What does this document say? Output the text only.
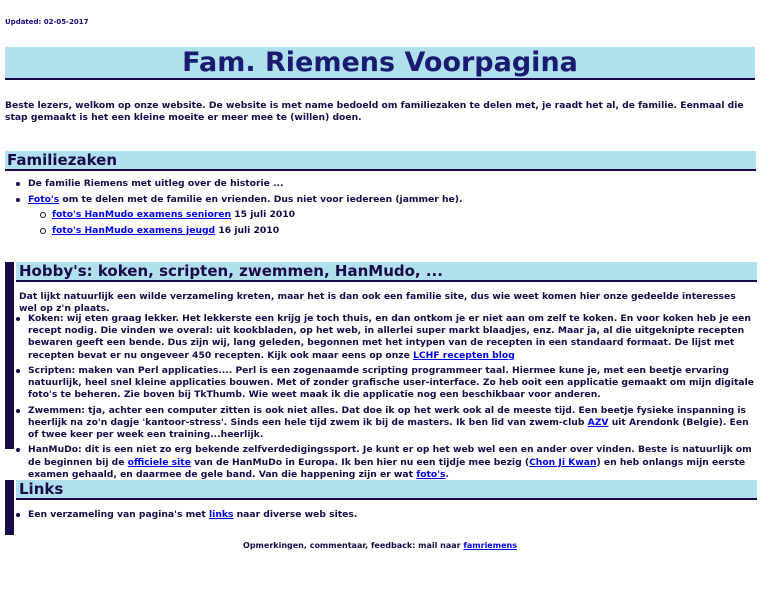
Updated: 02-05-2017
Fam. Riemens Voorpagina
Beste lezers, welkom op onze website. De website is met name bedoeld om familiezaken te delen met, je raadt het al, de familie. Eenmaal die stap gemaakt is het een kleine moeite er meer mee te (willen) doen.
Familiezaken
De familie Riemens met uitleg over de historie ...
Foto's om te delen met de familie en vrienden. Dus niet voor iedereen (jammer he).
foto's HanMudo examens senioren 15 juli 2010
foto's HanMudo examens jeugd 16 juli 2010
Hobby's: koken, scripten, zwemmen, HanMudo, ...
Dat lijkt natuurlijk een wilde verzameling kreten, maar het is dan ook een familie site, dus wie weet komen hier onze gedeelde interesses wel op z'n plaats.
Koken: wij eten graag lekker. Het lekkerste een krijg je toch thuis, en dan ontkom je er niet aan om zelf te koken. En voor koken heb je een recept nodig. Die vinden we overal: uit kookbladen, op het web, in allerlei super markt blaadjes, enz. Maar ja, al die uitgeknipte recepten bewaren geeft een bende. Dus zijn wij, lang geleden, begonnen met het intypen van de recepten in een standaard formaat. De lijst met recepten bevat er nu ongeveer 450 recepten. Kijk ook maar eens op onze LCHF recepten blog
Scripten: maken van Perl applicaties.... Perl is een zogenaamde scripting programmeer taal. Hiermee kune je, met een beetje ervaring natuurlijk, heel snel kleine applicaties bouwen. Met of zonder grafische user-interface. Zo heb ooit een applicatie gemaakt om mijn digitale foto's te beheren. Zie boven bij TkThumb. Wie weet maak ik die applicatie nog een beschikbaar voor anderen.
Zwemmen: tja, achter een computer zitten is ook niet alles. Dat doe ik op het werk ook al de meeste tijd. Een beetje fysieke inspanning is heerlijk na zo'n dagje 'kantoor-stress'. Sinds een hele tijd zwem ik bij de masters. Ik ben lid van zwem-club AZV uit Arendonk (Belgie). Een of twee keer per week een training...heerlijk.
HanMuDo: dit is een niet zo erg bekende zelfverdedigingssport. Je kunt er op het web wel een en ander over vinden. Beste is natuurlijk om de beginnen bij de officiele site van de HanMuDo in Europa. Ik ben hier nu een tijdje mee bezig (Chon Ji Kwan) en heb onlangs mijn eerste examen gehaald, en daarmee de gele band. Van die happening zijn er wat foto's.
Links
Een verzameling van pagina's met links naar diverse web sites.
Opmerkingen, commentaar, feedback: mail naar famriemens
